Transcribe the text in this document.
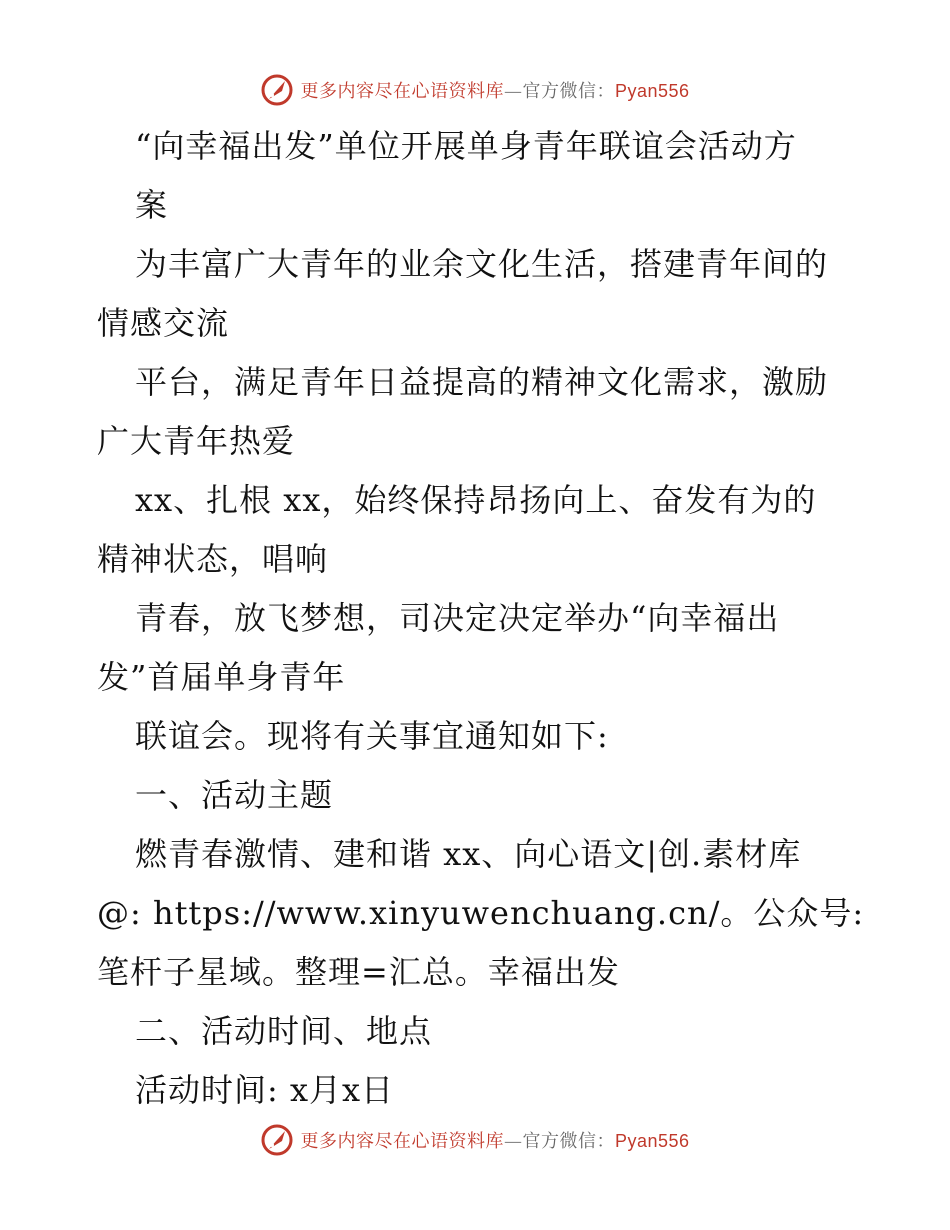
更多内容尽在心语资料库—官方微信：Pyan556
“向幸福出发”单位开展单身青年联谊会活动方
案
为丰富广大青年的业余文化生活，搭建青年间的
情感交流
平台，满足青年日益提高的精神文化需求，激励
广大青年热爱
xx、扎根 xx，始终保持昂扬向上、奋发有为的
精神状态，唱响
青春，放飞梦想，司决定决定举办“向幸福出
发”首届单身青年
联谊会。现将有关事宜通知如下:
一、活动主题
燃青春激情、建和谐 xx、向心语文|创.素材库
@: https://www.xinyuwenchuang.cn/。公众号:
笔杆子星域。整理=汇总。幸福出发
二、活动时间、地点
活动时间: x月x日
更多内容尽在心语资料库—官方微信：Pyan556
